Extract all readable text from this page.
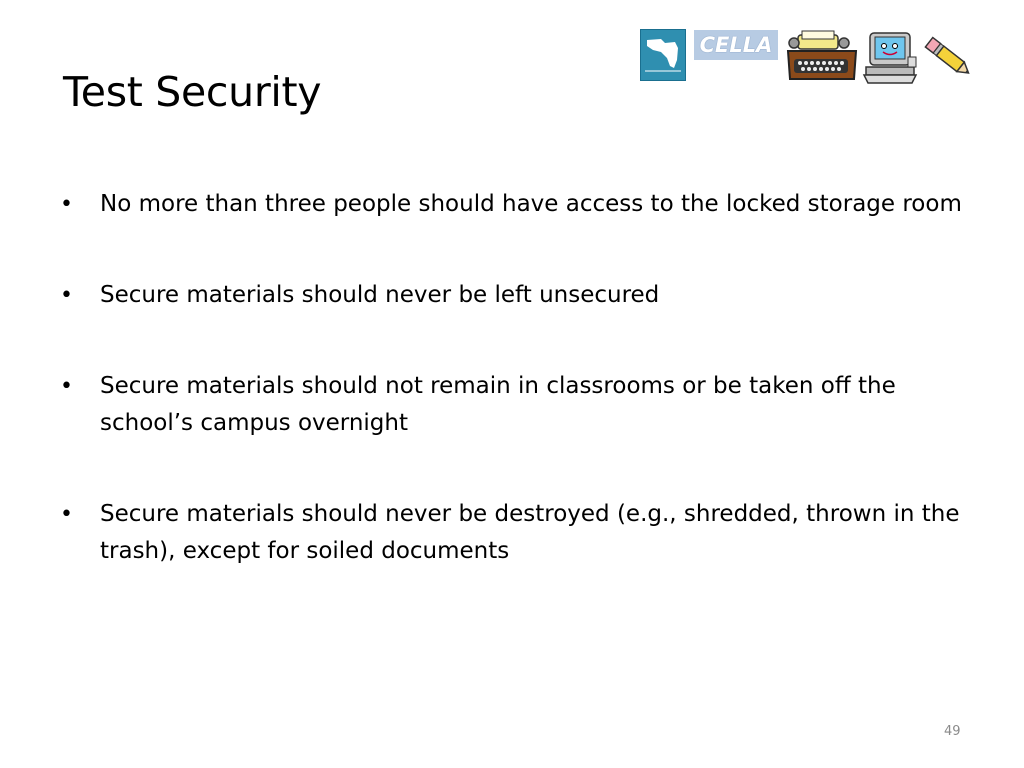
Test Security
CELLA
• No more than three people should have access to the locked storage room
• Secure materials should never be left unsecured
• Secure materials should not remain in classrooms or be taken off the school’s campus overnight
• Secure materials should never be destroyed (e.g., shredded, thrown in the trash), except for soiled documents
49
